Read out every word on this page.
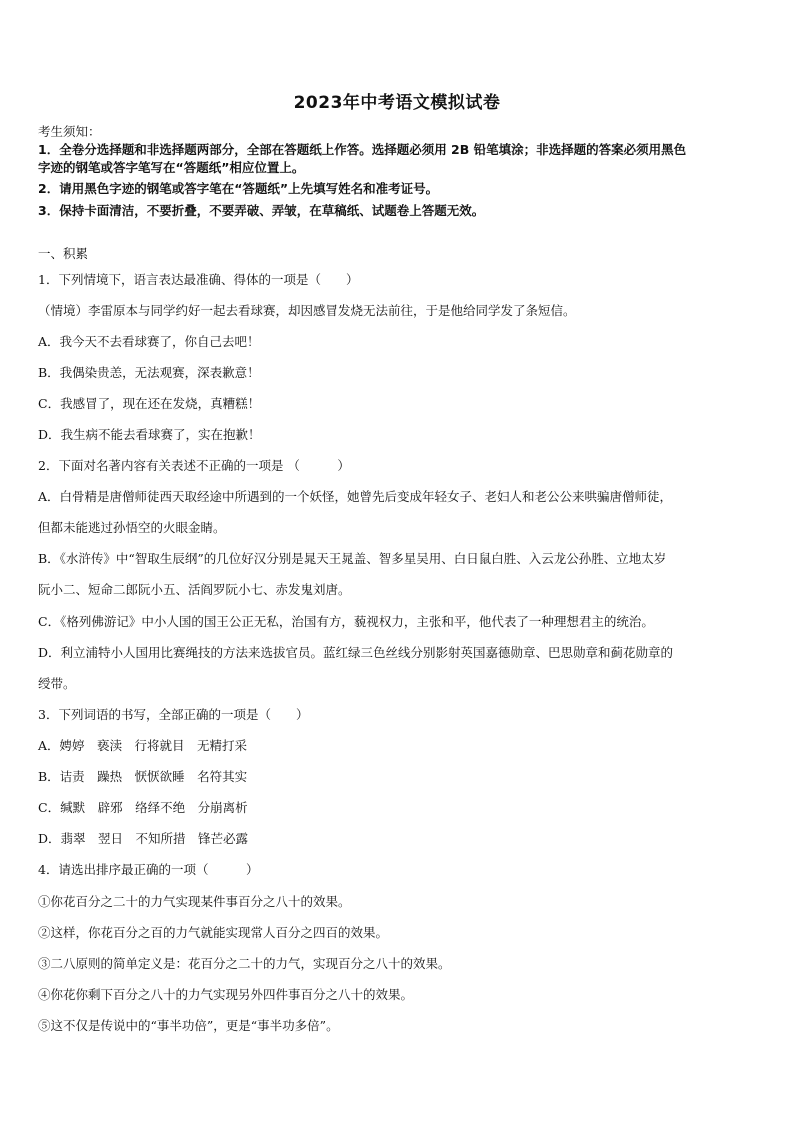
2023年中考语文模拟试卷
考生须知：
1．全卷分选择题和非选择题两部分，全部在答题纸上作答。选择题必须用 2B 铅笔填涂；非选择题的答案必须用黑色
字迹的钢笔或答字笔写在“答题纸”相应位置上。
2．请用黑色字迹的钢笔或答字笔在“答题纸”上先填写姓名和准考证号。
3．保持卡面清洁，不要折叠，不要弄破、弄皱，在草稿纸、试题卷上答题无效。
一、积累
1．下列情境下，语言表达最准确、得体的一项是（　　）
（情境）李雷原本与同学约好一起去看球赛，却因感冒发烧无法前往，于是他给同学发了条短信。
A．我今天不去看球赛了，你自己去吧！
B．我偶染贵恙，无法观赛，深表歉意！
C．我感冒了，现在还在发烧，真糟糕！
D．我生病不能去看球赛了，实在抱歉！
2．下面对名著内容有关表述不正确的一项是 （　　　）
A．白骨精是唐僧师徒西天取经途中所遇到的一个妖怪，她曾先后变成年轻女子、老妇人和老公公来哄骗唐僧师徒，
但都未能逃过孙悟空的火眼金睛。
B．《水浒传》中“智取生辰纲”的几位好汉分别是晁天王晁盖、智多星吴用、白日鼠白胜、入云龙公孙胜、立地太岁
阮小二、短命二郎阮小五、活阎罗阮小七、赤发鬼刘唐。
C．《格列佛游记》中小人国的国王公正无私，治国有方，藐视权力，主张和平，他代表了一种理想君主的统治。
D．利立浦特小人国用比赛绳技的方法来选拔官员。蓝红绿三色丝线分别影射英国嘉德勋章、巴思勋章和蓟花勋章的
绶带。
3．下列词语的书写，全部正确的一项是（　　）
A．娉婷　亵渎　行将就目　无精打采
B．诘责　躁热　恹恹欲睡　名符其实
C．缄默　辟邪　络绎不绝　分崩离析
D．翡翠　翌日　不知所措　锋芒必露
4．请选出排序最正确的一项（　　　）
①你花百分之二十的力气实现某件事百分之八十的效果。
②这样，你花百分之百的力气就能实现常人百分之四百的效果。
③二八原则的简单定义是：花百分之二十的力气，实现百分之八十的效果。
④你花你剩下百分之八十的力气实现另外四件事百分之八十的效果。
⑤这不仅是传说中的“事半功倍”，更是“事半功多倍”。
